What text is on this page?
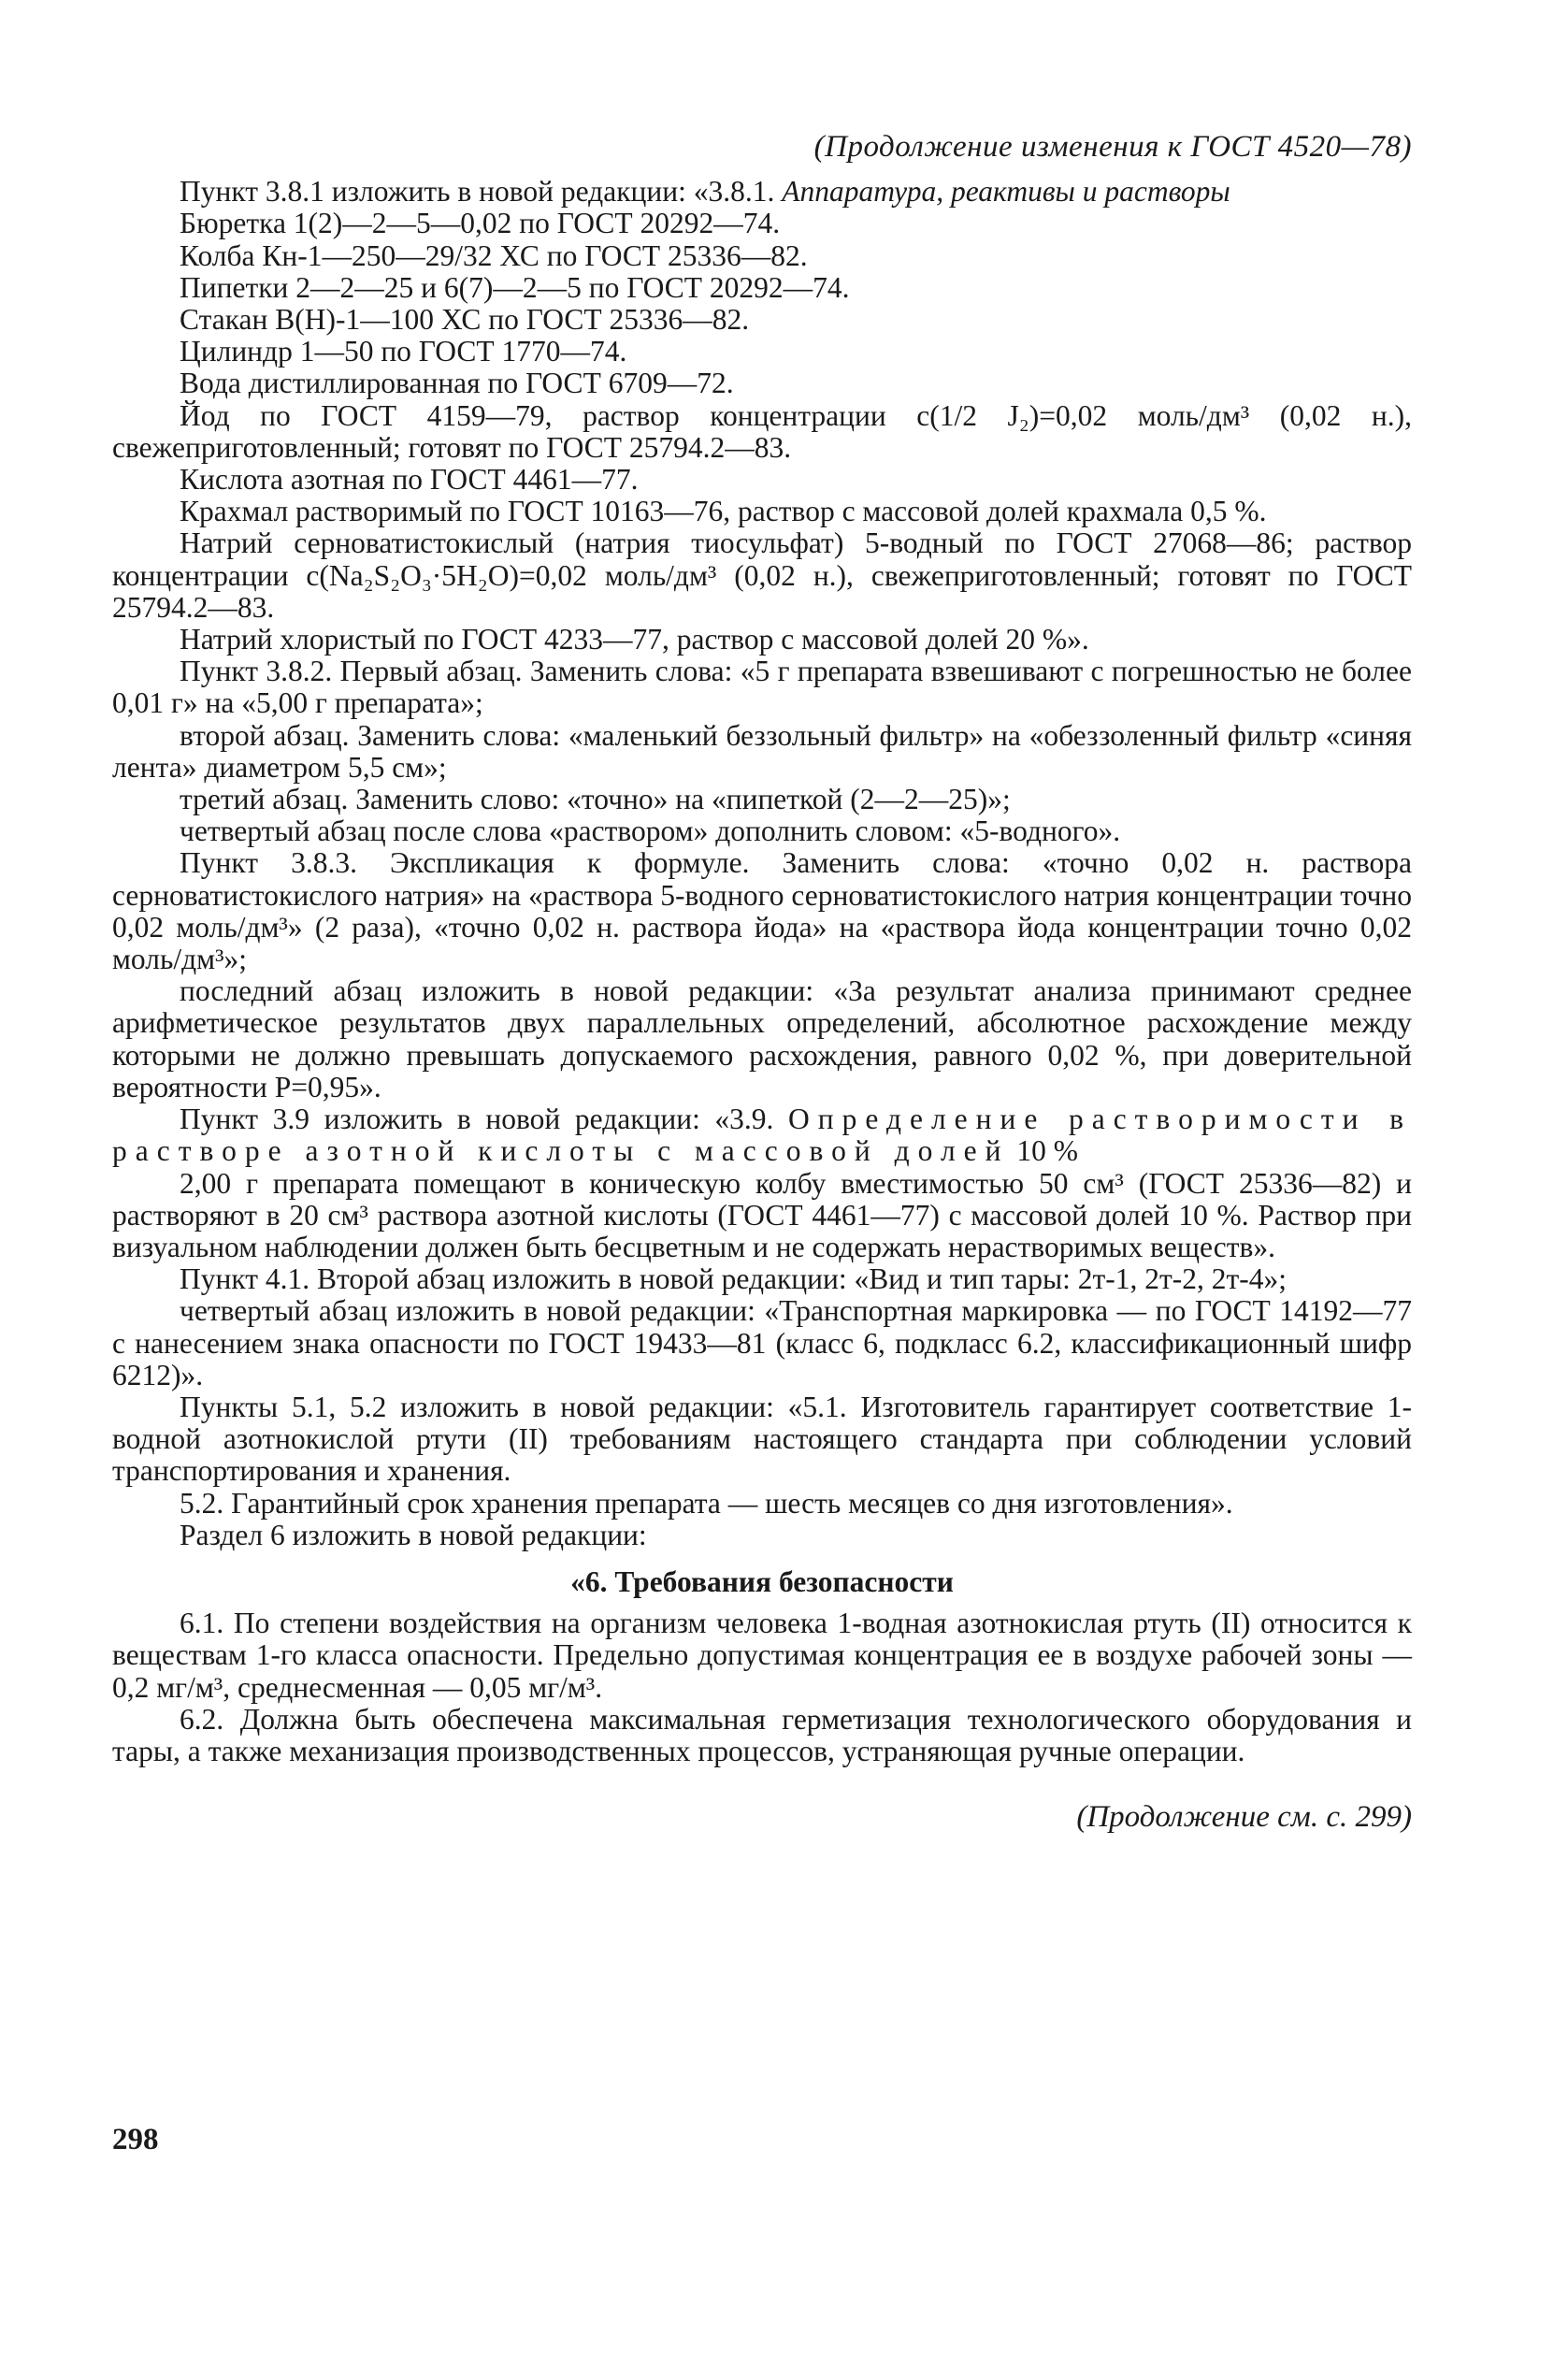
(Продолжение изменения к ГОСТ 4520—78)

Пункт 3.8.1 изложить в новой редакции: «3.8.1. Аппаратура, реактивы и растворы

Бюретка 1(2)—2—5—0,02 по ГОСТ 20292—74.

Колба Кн-1—250—29/32 ХС по ГОСТ 25336—82.

Пипетки 2—2—25 и 6(7)—2—5 по ГОСТ 20292—74.

Стакан В(Н)-1—100 ХС по ГОСТ 25336—82.

Цилиндр 1—50 по ГОСТ 1770—74.

Вода дистиллированная по ГОСТ 6709—72.

Йод по ГОСТ 4159—79, раствор концентрации c(1/2 J₂)=0,02 моль/дм³ (0,02 н.), свежеприготовленный; готовят по ГОСТ 25794.2—83.

Кислота азотная по ГОСТ 4461—77.

Крахмал растворимый по ГОСТ 10163—76, раствор с массовой долей крахмала 0,5 %.

Натрий серноватистокислый (натрия тиосульфат) 5-водный по ГОСТ 27068—86; раствор концентрации c(Na₂S₂O₃·5H₂O)=0,02 моль/дм³ (0,02 н.), свежеприготовленный; готовят по ГОСТ 25794.2—83.

Натрий хлористый по ГОСТ 4233—77, раствор с массовой долей 20 %».

Пункт 3.8.2. Первый абзац. Заменить слова: «5 г препарата взвешивают с погрешностью не более 0,01 г» на «5,00 г препарата»;

второй абзац. Заменить слова: «маленький беззольный фильтр» на «обеззоленный фильтр «синяя лента» диаметром 5,5 см»;

третий абзац. Заменить слово: «точно» на «пипеткой (2—2—25)»;

четвертый абзац после слова «раствором» дополнить словом: «5-водного».

Пункт 3.8.3. Экспликация к формуле. Заменить слова: «точно 0,02 н. раствора серноватистокислого натрия» на «раствора 5-водного серноватистокислого натрия концентрации точно 0,02 моль/дм³» (2 раза), «точно 0,02 н. раствора йода» на «раствора йода концентрации точно 0,02 моль/дм³»;

последний абзац изложить в новой редакции: «За результат анализа принимают среднее арифметическое результатов двух параллельных определений, абсолютное расхождение между которыми не должно превышать допускаемого расхождения, равного 0,02 %, при доверительной вероятности P=0,95».

Пункт 3.9 изложить в новой редакции: «3.9. Определение растворимости в растворе азотной кислоты с массовой долей 10 %

2,00 г препарата помещают в коническую колбу вместимостью 50 см³ (ГОСТ 25336—82) и растворяют в 20 см³ раствора азотной кислоты (ГОСТ 4461—77) с массовой долей 10 %. Раствор при визуальном наблюдении должен быть бесцветным и не содержать нерастворимых веществ».

Пункт 4.1. Второй абзац изложить в новой редакции: «Вид и тип тары: 2т-1, 2т-2, 2т-4»;

четвертый абзац изложить в новой редакции: «Транспортная маркировка — по ГОСТ 14192—77 с нанесением знака опасности по ГОСТ 19433—81 (класс 6, подкласс 6.2, классификационный шифр 6212)».

Пункты 5.1, 5.2 изложить в новой редакции: «5.1. Изготовитель гарантирует соответствие 1-водной азотнокислой ртути (II) требованиям настоящего стандарта при соблюдении условий транспортирования и хранения.

5.2. Гарантийный срок хранения препарата — шесть месяцев со дня изготовления».

Раздел 6 изложить в новой редакции:

«6. Требования безопасности

6.1. По степени воздействия на организм человека 1-водная азотнокислая ртуть (II) относится к веществам 1-го класса опасности. Предельно допустимая концентрация ее в воздухе рабочей зоны — 0,2 мг/м³, среднесменная — 0,05 мг/м³.

6.2. Должна быть обеспечена максимальная герметизация технологического оборудования и тары, а также механизация производственных процессов, устраняющая ручные операции.

(Продолжение см. с. 299)
298
